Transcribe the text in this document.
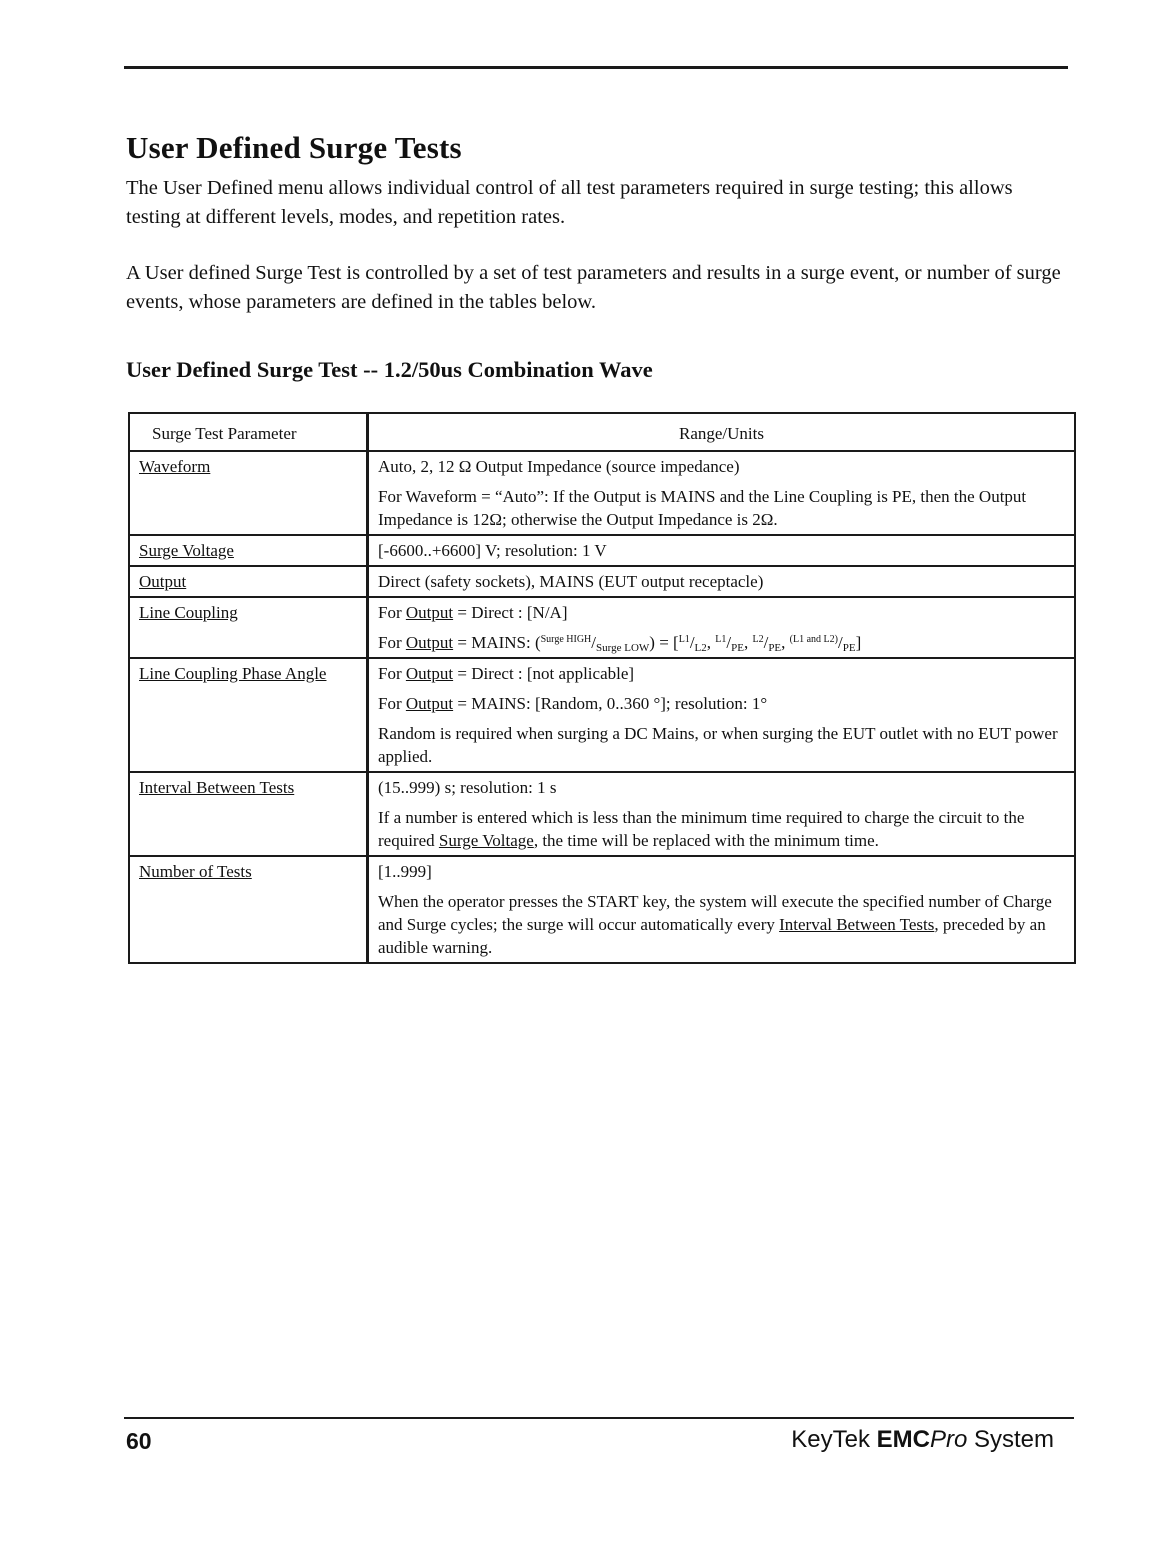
User Defined Surge Tests

The User Defined menu allows individual control of all test parameters required in surge testing; this allows testing at different levels, modes, and repetition rates.

A User defined Surge Test is controlled by a set of test parameters and results in a surge event, or number of surge events, whose parameters are defined in the tables below.

User Defined Surge Test -- 1.2/50us Combination Wave
Surge Test Parameter	Range/Units
Waveform	Auto, 2, 12 Ω Output Impedance (source impedance)

For Waveform = “Auto”: If the Output is MAINS and the Line Coupling is PE, then the Output Impedance is 12Ω; otherwise the Output Impedance is 2Ω.

Surge Voltage	[-6600..+6600] V; resolution: 1 V

Output	Direct (safety sockets), MAINS (EUT output receptacle)

Line Coupling	For Output = Direct : [N/A]

For Output = MAINS: $(^{Surge HIGH}/_{Surge LOW}) = [^{L1}/_{L2}$, $^{L1}/_{PE}$, $^{L2}/_{PE}$, $^{(L1 and L2)}/_{PE}$]

Line Coupling Phase Angle	For Output = Direct : [not applicable]

For Output = MAINS: [Random, 0..360 °]; resolution: 1°

Random is required when surging a DC Mains, or when surging the EUT outlet with no EUT power applied.

Interval Between Tests	(15..999) s; resolution: 1 s

If a number is entered which is less than the minimum time required to charge the circuit to the required Surge Voltage, the time will be replaced with the minimum time.

Number of Tests	[1..999]

When the operator presses the START key, the system will execute the specified number of Charge and Surge cycles; the surge will occur automatically every Interval Between Tests, preceded by an audible warning.

60	KeyTek EMCPro System
